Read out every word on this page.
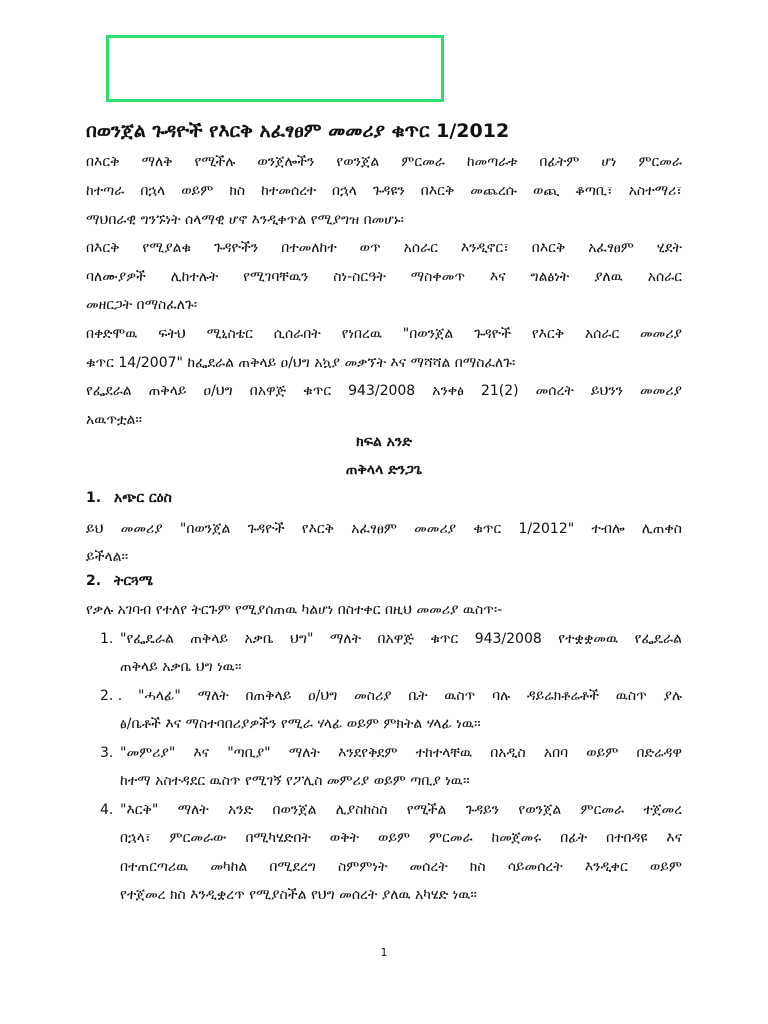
በወንጀል ጉዳዮች የእርቅ አፈፃፀም መመሪያ ቁጥር 1/2012
በእርቅ ማለቅ የሚችሉ ወንጀሎችን የወንጀል ምርመራ ከመጣራቱ በፊትም ሆነ ምርመራ
ከተጣራ በኋላ ወይም ክስ ከተመሰረተ በኋላ ጉዳዩን በእርቅ መጨረሱ ወጪ ቆጣቢ፣ አስተማሪ፣
ማህበራዊ ግንኙነት ሰላማዊ ሆኖ እንዲቀጥል የሚያግዝ በመሆኑ፡
በእርቅ የሚያልቁ ጉዳዮችን በተመለከተ ወጥ አሰራር እንዲኖር፣ በእርቅ አፈፃፀም ሂደት
ባለሙያዎች ሊከተሉት የሚገባቸዉን ስነ-ስርዓት ማስቀመጥ እና ግልፅነት ያለዉ አሰራር
መዘርጋት በማስፈለጉ፡
በቀድሞዉ ፍትህ ሚኒስቴር ሲሰራበት የነበረዉ "በወንጀል ጉዳዮች የእርቅ አሰራር መመሪያ
ቁጥር 14/2007" ከፌደራል ጠቅላይ ዐ/ህግ አኳያ መቃኘት እና ማሻሻል በማስፈለጉ፡
የፌደራል ጠቅላይ ዐ/ህግ በአዋጅ ቁጥር 943/2008 አንቀፅ 21(2) መሰረት ይህንን መመሪያ
አዉጥቷል፡፡
ክፍል አንድ
ጠቅላላ ድንጋጌ
1. አጭር ርዕስ
ይህ መመሪያ "በወንጀል ጉዳዮች የእርቅ አፈፃፀም መመሪያ ቁጥር 1/2012" ተብሎ ሊጠቀስ
ይችላል፡፡
2. ትርጓሜ
የቃሉ አገባብ የተለየ ትርጉም የሚያሰጠዉ ካልሆነ በስተቀር በዚህ መመሪያ ዉስጥ፡-
1. "የፌዴራል ጠቅላይ አቃቤ ህግ" ማለት በአዋጅ ቁጥር 943/2008 የተቋቋመዉ የፌዴራል
ጠቅላይ አቃቤ ህግ ነዉ፡፡
2. . "ሓላፊ" ማለት በጠቅላይ ዐ/ህግ መስሪያ ቤት ዉስጥ ባሉ ዳይሬክቶሬቶች ዉስጥ ያሉ
ፅ/ቤቶች እና ማስተባበሪያዎችን የሚራ ሃላፊ ወይም ምክትል ሃላፊ ነዉ፡፡
3. "መምሪያ" እና "ጣቢያ" ማለት እንደየቅደም ተከተላቸዉ በአዲስ አበባ ወይም በድሬዳዋ
ከተማ አስተዳደር ዉስጥ የሚገኝ የፖሊስ መምሪያ ወይም ጣቢያ ነዉ፡፡
4. "እርቅ" ማለት አንድ በወንጀል ሊያስከስስ የሚችል ጉዳይን የወንጀል ምርመራ ተጀመረ
በኋላ፣ ምርመራው በሚካሄድበት ወቅት ወይም ምርመራ ከመጀመሩ በፊት በተበዳዩ እና
በተጠርጣሪዉ መካከል በሚደረግ ስምምነት መሰረት ክስ ሳይመሰረት እንዲቀር ወይም
የተጀመረ ክስ እንዲቋረጥ የሚያስችል የህግ መሰረት ያለዉ አካሄድ ነዉ፡፡
1
